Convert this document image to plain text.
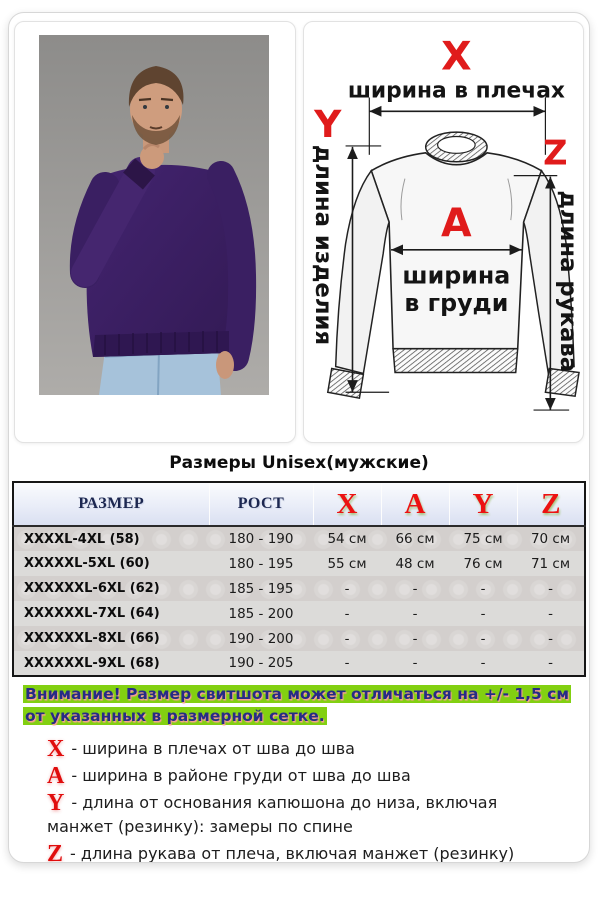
X
ширина в плечах
Y
длина изделия	Z
длина рукава
A
ширина
в груди
Размеры Unisex(мужские)
РАЗМЕР	РОСТ	X	A	Y	Z
XXXXL-4XL (58)	180 - 190	54 см	66 см	75 см	70 см
XXXXXL-5XL (60)	180 - 195	55 см	48 см	76 см	71 см
XXXXXXL-6XL (62)	185 - 195	-	-	-	-
XXXXXXL-7XL (64)	185 - 200	-	-	-	-
XXXXXXL-8XL (66)	190 - 200	-	-	-	-
XXXXXXL-9XL (68)	190 - 205	-	-	-	-
Внимание! Размер свитшота может отличаться на +/- 1,5 см от указанных в размерной сетке.
X - ширина в плечах от шва до шва
A - ширина в районе груди от шва до шва
Y - длина от основания капюшона до низа, включая манжет (резинку): замеры по спине
Z - длина рукава от плеча, включая манжет (резинку)
